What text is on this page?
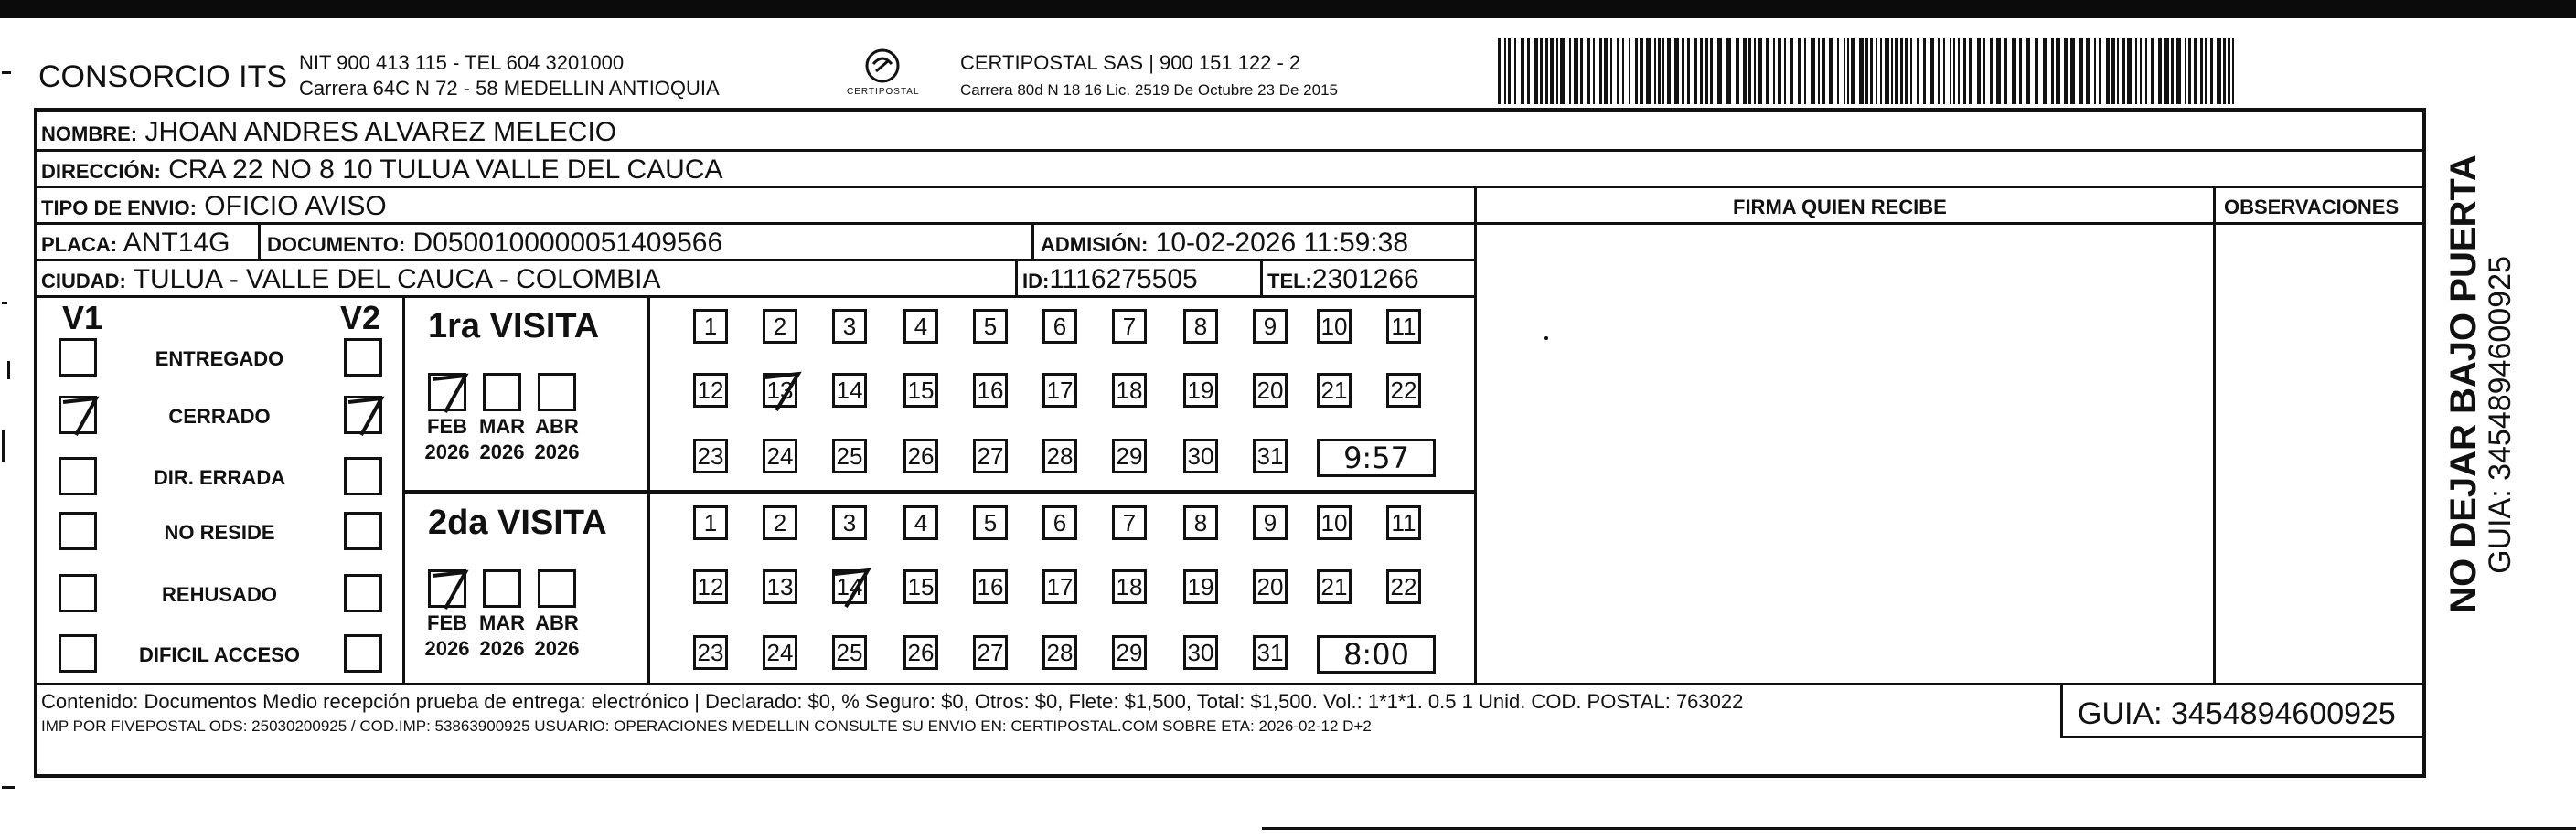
CONSORCIO ITS NIT 900 413 115 - TEL 604 3201000
Carrera 64C N 72 - 58 MEDELLIN ANTIOQUIA	CERTIPOSTAL
CERTIPOSTAL SAS | 900 151 122 - 2
Carrera 80d N 18 16 Lic. 2519 De Octubre 23 De 2015
NOMBRE: JHOAN ANDRES ALVAREZ MELECIO
DIRECCIÓN: CRA 22 NO 8 10 TULUA VALLE DEL CAUCA
TIPO DE ENVIO: OFICIO AVISO	FIRMA QUIEN RECIBE	OBSERVACIONES
PLACA: ANT14G DOCUMENTO: D0500100000051409566	ADMISIÓN: 10-02-2026 11:59:38
CIUDAD: TULUA - VALLE DEL CAUCA - COLOMBIA	ID:1116275505	TEL:2301266
V1	V2
ENTREGADO
CERRADO
DIR. ERRADA
NO RESIDE
REHUSADO
DIFICIL ACCESO
1ra VISITA
FEB
2026
MAR
2026
ABR
2026
1 2 3 4 5 6 7 8 9 10 11
12 13 14 15 16 17 18 19 20 21 22
23 24 25 26 27 28 29 30 31 9:57
2da VISITA
FEB
2026
MAR
2026
ABR
2026
1 2 3 4 5 6 7 8 9 10 11
12 13 14 15 16 17 18 19 20 21 22
23 24 25 26 27 28 29 30 31 8:00
Contenido: Documentos Medio recepción prueba de entrega: electrónico | Declarado: $0, % Seguro: $0, Otros: $0, Flete: $1,500, Total: $1,500. Vol.: 1*1*1. 0.5 1 Unid. COD. POSTAL: 763022
IMP POR FIVEPOSTAL ODS: 25030200925 / COD.IMP: 53863900925 USUARIO: OPERACIONES MEDELLIN CONSULTE SU ENVIO EN: CERTIPOSTAL.COM SOBRE ETA: 2026-02-12 D+2	GUIA: 3454894600925
NO DEJAR BAJO PUERTA GUIA: 3454894600925
